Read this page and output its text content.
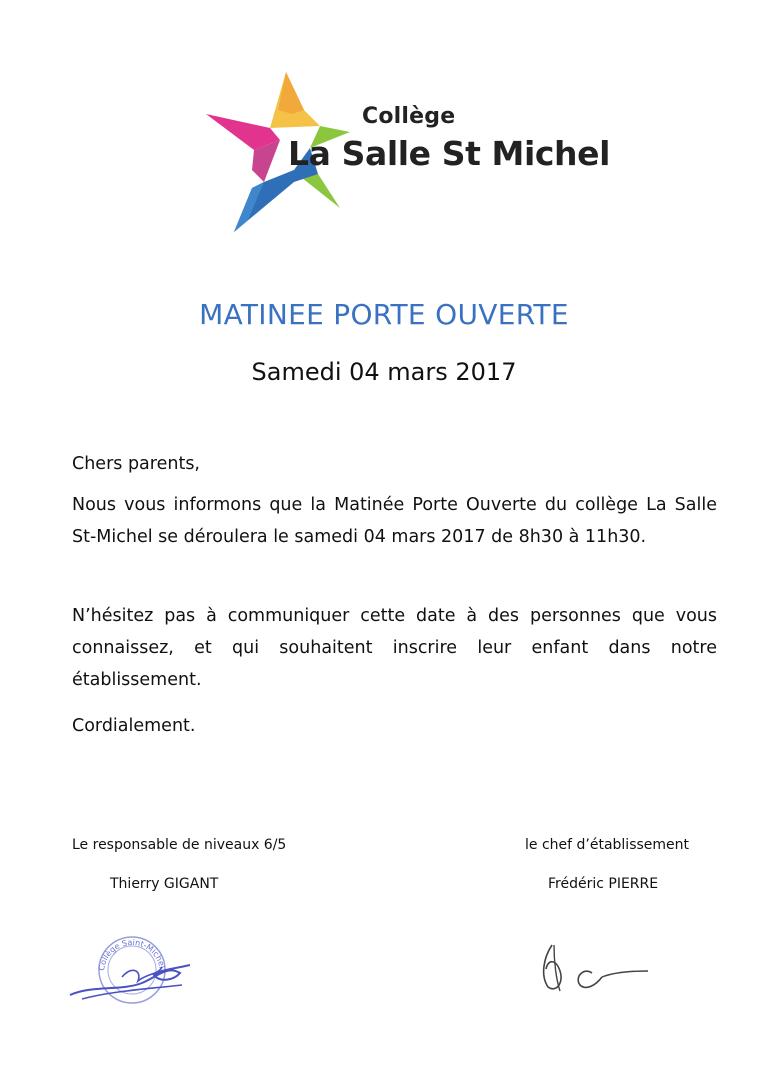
Collège
La Salle St Michel
MATINEE PORTE OUVERTE
Samedi 04 mars 2017
Chers parents,
Nous vous informons que la Matinée Porte Ouverte du collège La Salle St-Michel se déroulera le samedi 04 mars 2017 de 8h30 à 11h30.
N’hésitez pas à communiquer cette date à des personnes que vous connaissez, et qui souhaitent inscrire leur enfant dans notre établissement.
Cordialement.
Le responsable de niveaux 6/5	le chef d’établissement
Thierry GIGANT	Frédéric PIERRE
Collège Saint-Michel
